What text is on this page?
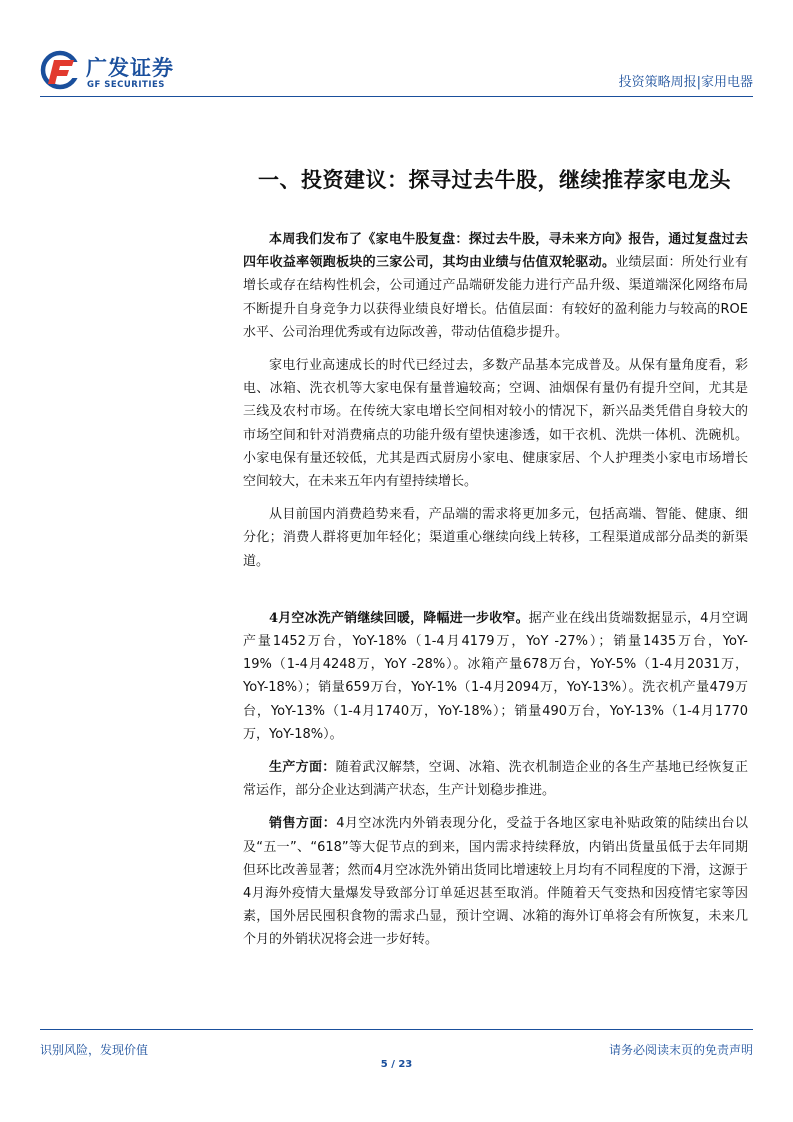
广发证券
GF SECURITIES	投资策略周报|家用电器
一、投资建议：探寻过去牛股，继续推荐家电龙头

本周我们发布了《家电牛股复盘：探过去牛股，寻未来方向》报告，通过复盘过去四年收益率领跑板块的三家公司，其均由业绩与估值双轮驱动。业绩层面：所处行业有增长或存在结构性机会，公司通过产品端研发能力进行产品升级、渠道端深化网络布局不断提升自身竞争力以获得业绩良好增长。估值层面：有较好的盈利能力与较高的ROE水平、公司治理优秀或有边际改善，带动估值稳步提升。

家电行业高速成长的时代已经过去，多数产品基本完成普及。从保有量角度看，彩电、冰箱、洗衣机等大家电保有量普遍较高；空调、油烟保有量仍有提升空间，尤其是三线及农村市场。在传统大家电增长空间相对较小的情况下，新兴品类凭借自身较大的市场空间和针对消费痛点的功能升级有望快速渗透，如干衣机、洗烘一体机、洗碗机。小家电保有量还较低，尤其是西式厨房小家电、健康家居、个人护理类小家电市场增长空间较大，在未来五年内有望持续增长。

从目前国内消费趋势来看，产品端的需求将更加多元，包括高端、智能、健康、细分化；消费人群将更加年轻化；渠道重心继续向线上转移，工程渠道成部分品类的新渠道。

4月空冰洗产销继续回暖，降幅进一步收窄。据产业在线出货端数据显示，4月空调产量1452万台，YoY-18%（1-4月4179万，YoY -27%）；销量1435万台，YoY-19%（1-4月4248万，YoY -28%）。冰箱产量678万台，YoY-5%（1-4月2031万，YoY-18%）；销量659万台，YoY-1%（1-4月2094万，YoY-13%）。洗衣机产量479万台，YoY-13%（1-4月1740万，YoY-18%）；销量490万台，YoY-13%（1-4月1770万，YoY-18%）。

生产方面：随着武汉解禁，空调、冰箱、洗衣机制造企业的各生产基地已经恢复正常运作，部分企业达到满产状态，生产计划稳步推进。

销售方面：4月空冰洗内外销表现分化，受益于各地区家电补贴政策的陆续出台以及“五一”、“618”等大促节点的到来，国内需求持续释放，内销出货量虽低于去年同期但环比改善显著；然而4月空冰洗外销出货同比增速较上月均有不同程度的下滑，这源于4月海外疫情大量爆发导致部分订单延迟甚至取消。伴随着天气变热和因疫情宅家等因素，国外居民囤积食物的需求凸显，预计空调、冰箱的海外订单将会有所恢复，未来几个月的外销状况将会进一步好转。

识别风险，发现价值	请务必阅读末页的免责声明
5 / 23
